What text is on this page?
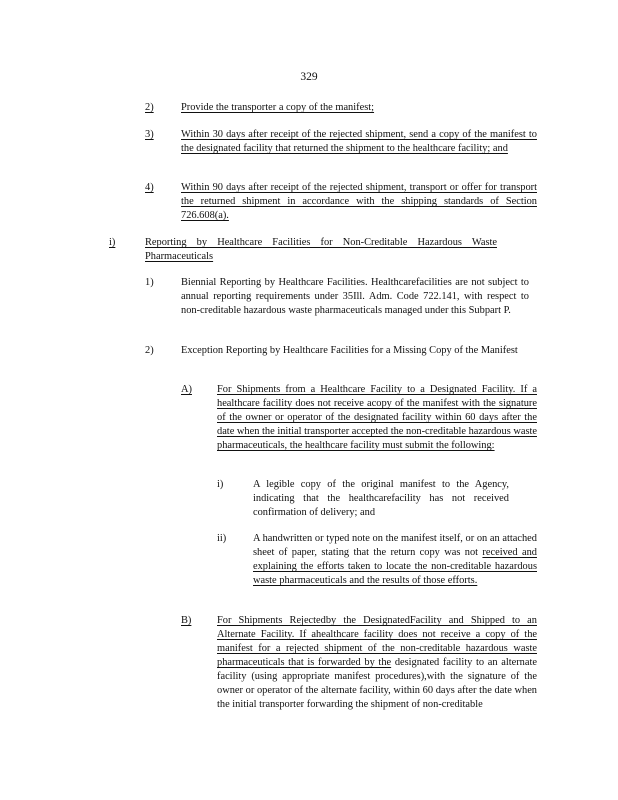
329
2)	Provide the transporter a copy of the manifest;
3)	Within 30 days after receipt of the rejected shipment, send a copy of the manifest to the designated facility that returned the shipment to the healthcare facility; and
4)	Within 90 days after receipt of the rejected shipment, transport or offer for transport the returned shipment in accordance with the shipping standards of Section 726.608(a).
i)	Reporting by Healthcare Facilities for Non-Creditable Hazardous Waste Pharmaceuticals
1)	Biennial Reporting by Healthcare Facilities. Healthcarefacilities are not subject to annual reporting requirements under 35Ill. Adm. Code 722.141, with respect to non-creditable hazardous waste pharmaceuticals managed under this Subpart P.
2)	Exception Reporting by Healthcare Facilities for a Missing Copy of the Manifest
A) For Shipments from a Healthcare Facility to a Designated Facility. If a healthcare facility does not receive acopy of the manifest with the signature of the owner or operator of the designated facility within 60 days after the date when the initial transporter accepted the non-creditable hazardous waste pharmaceuticals, the healthcare facility must submit the following:
i)	A legible copy of the original manifest to the Agency, indicating that the healthcarefacility has not received confirmation of delivery; and
ii)	A handwritten or typed note on the manifest itself, or on an attached sheet of paper, stating that the return copy was not received and explaining the efforts taken to locate the non-creditable hazardous waste pharmaceuticals and the results of those efforts.
B) For Shipments Rejectedby the DesignatedFacility and Shipped to an Alternate Facility. If ahealthcare facility does not receive a copy of the manifest for a rejected shipment of the non-creditable hazardous waste pharmaceuticals that is forwarded by the designated facility to an alternate facility (using appropriate manifest procedures),with the signature of the owner or operator of the alternate facility, within 60 days after the date when the initial transporter forwarding the shipment of non-creditable
